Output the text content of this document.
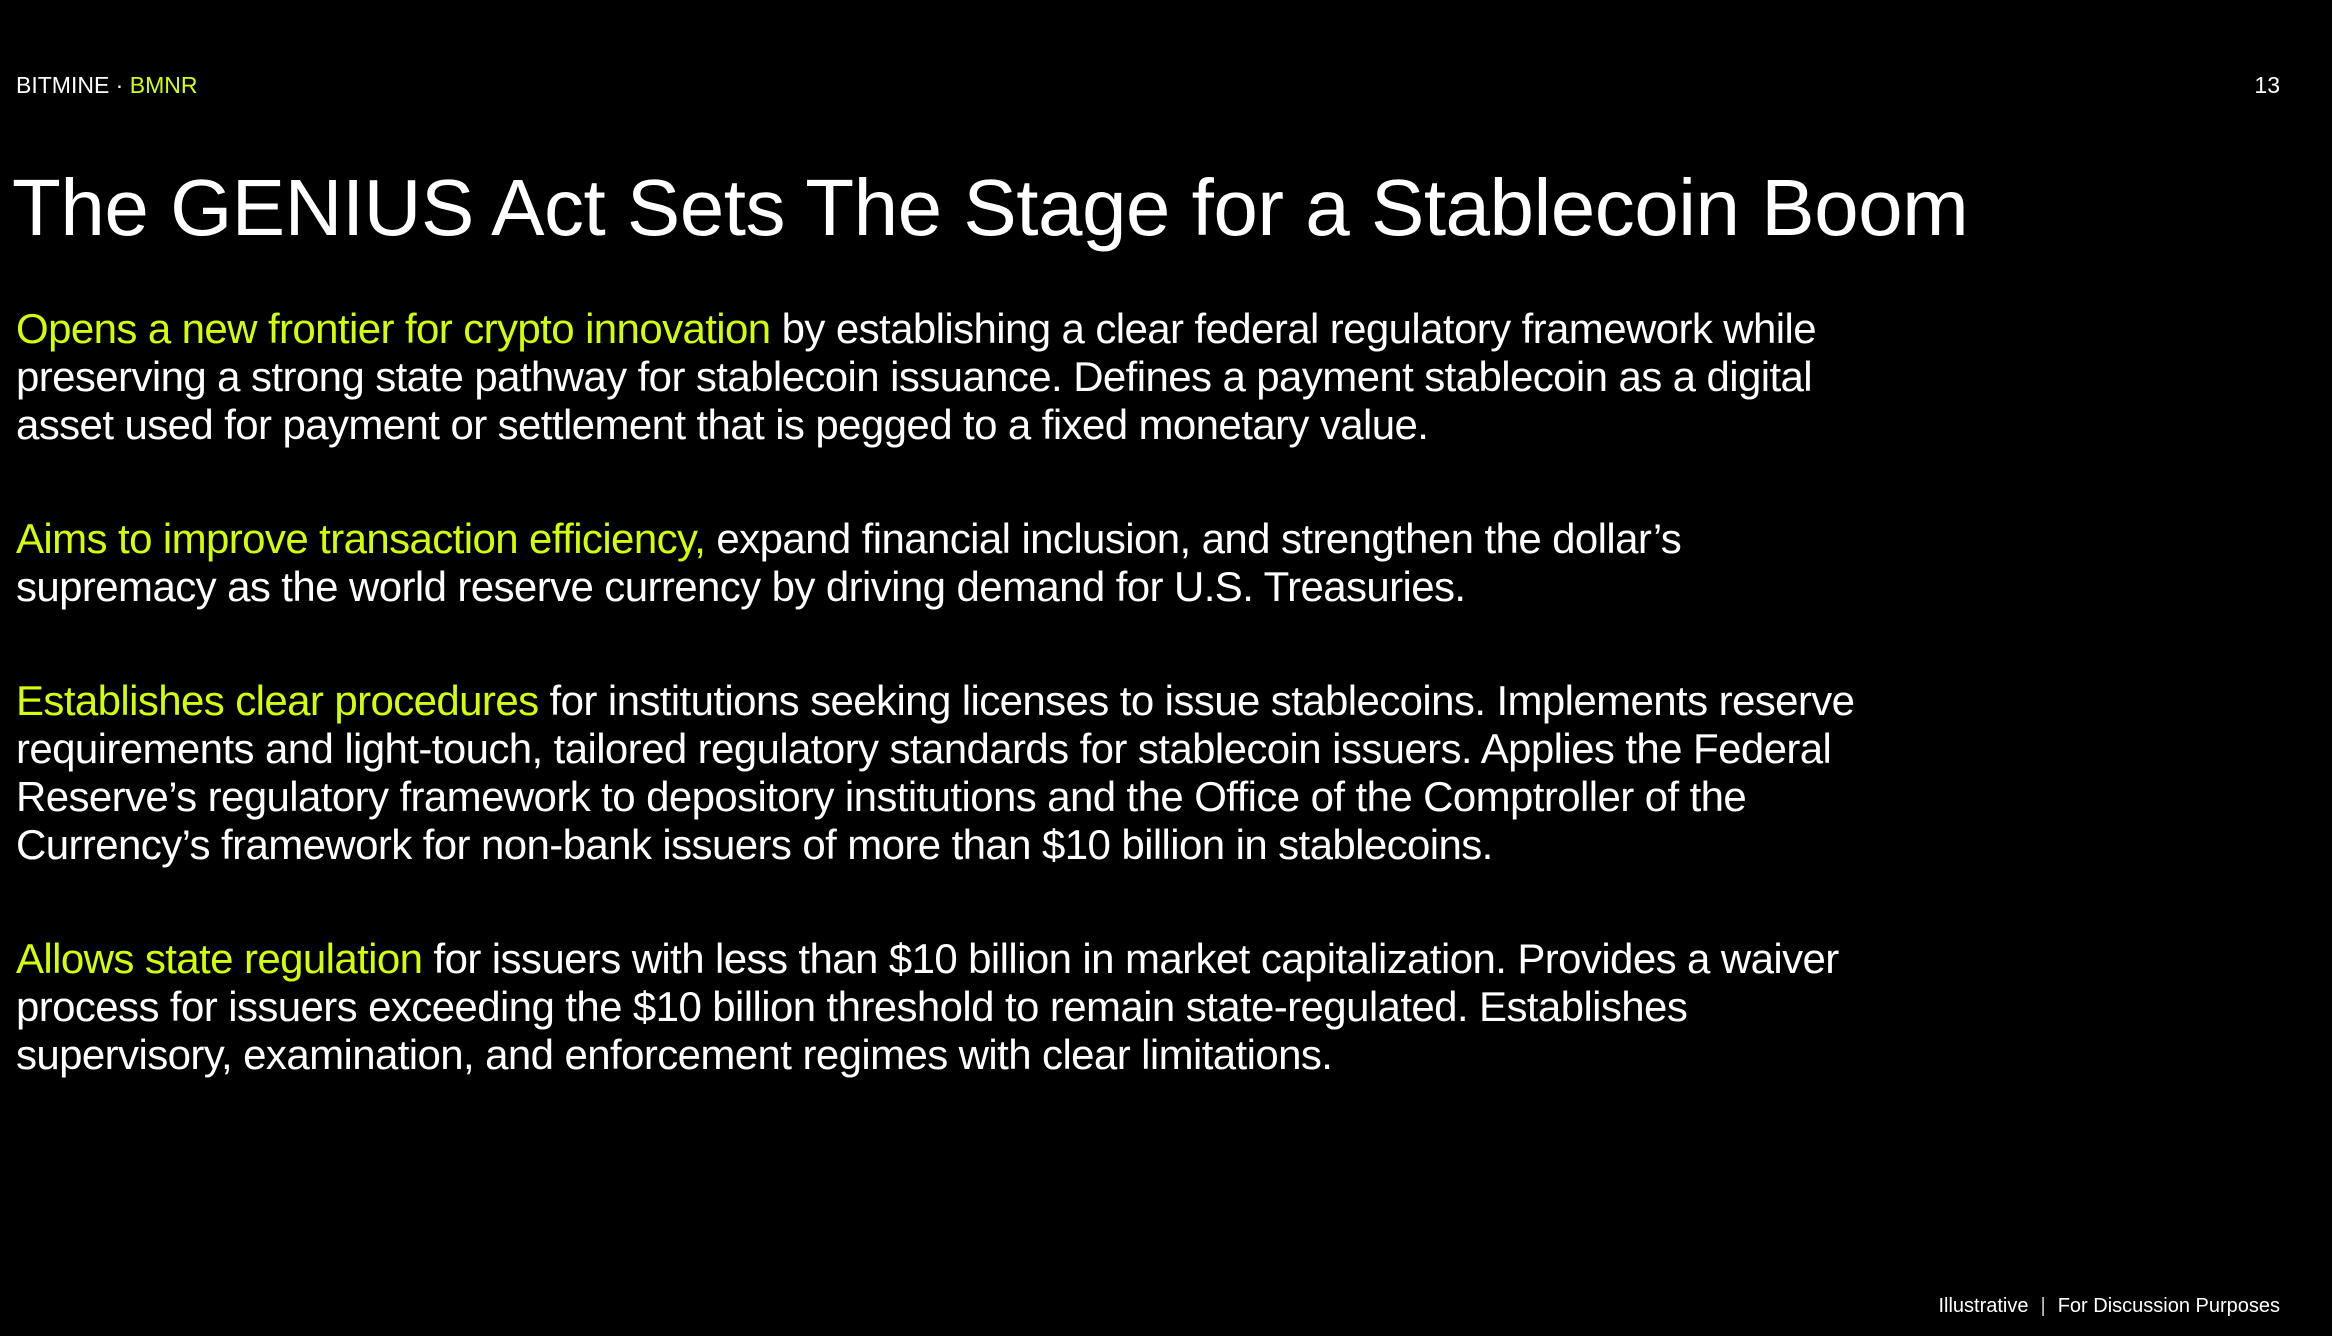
BITMINE · BMNR	13
The GENIUS Act Sets The Stage for a Stablecoin Boom

Opens a new frontier for crypto innovation by establishing a clear federal regulatory framework while preserving a strong state pathway for stablecoin issuance. Defines a payment stablecoin as a digital asset used for payment or settlement that is pegged to a fixed monetary value.

Aims to improve transaction efficiency, expand financial inclusion, and strengthen the dollar’s supremacy as the world reserve currency by driving demand for U.S. Treasuries.

Establishes clear procedures for institutions seeking licenses to issue stablecoins. Implements reserve requirements and light-touch, tailored regulatory standards for stablecoin issuers. Applies the Federal Reserve’s regulatory framework to depository institutions and the Office of the Comptroller of the Currency’s framework for non-bank issuers of more than $10 billion in stablecoins.

Allows state regulation for issuers with less than $10 billion in market capitalization. Provides a waiver process for issuers exceeding the $10 billion threshold to remain state-regulated. Establishes supervisory, examination, and enforcement regimes with clear limitations.

Illustrative | For Discussion Purposes
